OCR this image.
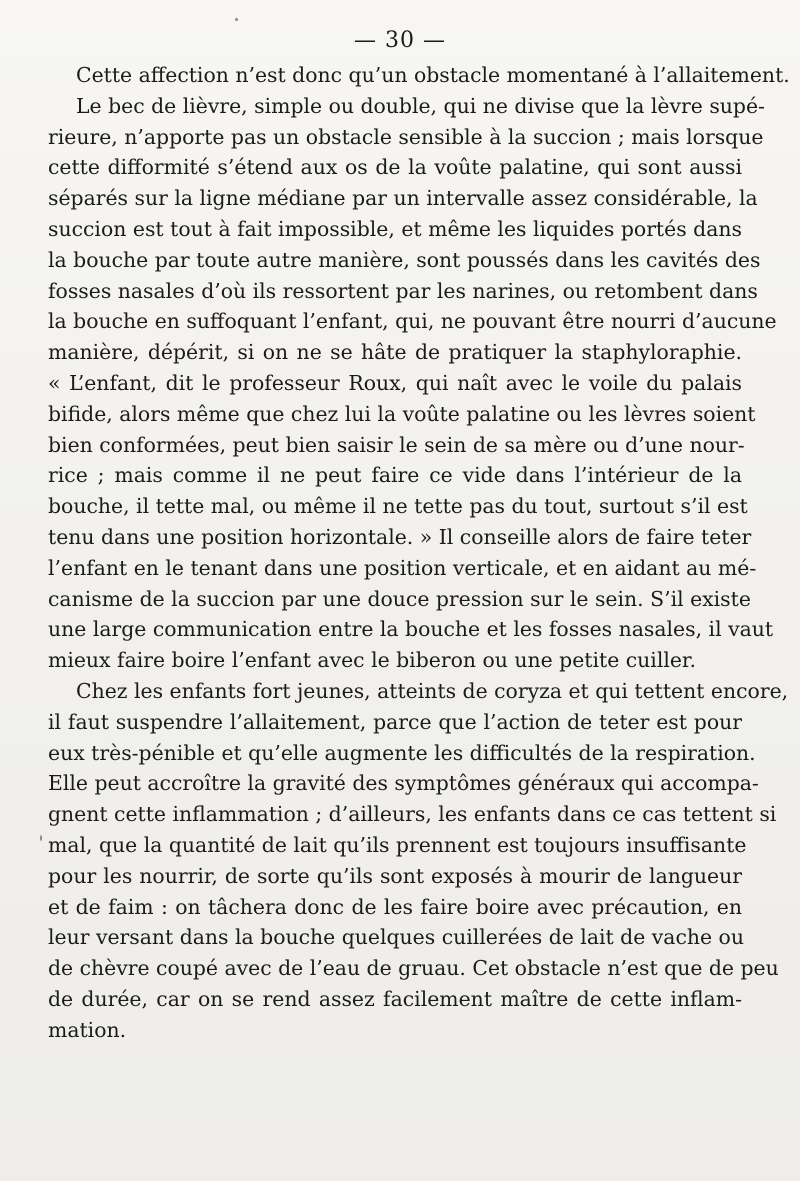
— 30 —
Cette affection n’est donc qu’un obstacle momentané à l’allaitement.
Le bec de lièvre, simple ou double, qui ne divise que la lèvre supé-
rieure, n’apporte pas un obstacle sensible à la succion ; mais lorsque
cette difformité s’étend aux os de la voûte palatine, qui sont aussi
séparés sur la ligne médiane par un intervalle assez considérable, la
succion est tout à fait impossible, et même les liquides portés dans
la bouche par toute autre manière, sont poussés dans les cavités des
fosses nasales d’où ils ressortent par les narines, ou retombent dans
la bouche en suffoquant l’enfant, qui, ne pouvant être nourri d’aucune
manière, dépérit, si on ne se hâte de pratiquer la staphyloraphie.
« L’enfant, dit le professeur Roux, qui naît avec le voile du palais
bifide, alors même que chez lui la voûte palatine ou les lèvres soient
bien conformées, peut bien saisir le sein de sa mère ou d’une nour-
rice ; mais comme il ne peut faire ce vide dans l’intérieur de la
bouche, il tette mal, ou même il ne tette pas du tout, surtout s’il est
tenu dans une position horizontale. » Il conseille alors de faire teter
l’enfant en le tenant dans une position verticale, et en aidant au mé-
canisme de la succion par une douce pression sur le sein. S’il existe
une large communication entre la bouche et les fosses nasales, il vaut
mieux faire boire l’enfant avec le biberon ou une petite cuiller.
Chez les enfants fort jeunes, atteints de coryza et qui tettent encore,
il faut suspendre l’allaitement, parce que l’action de teter est pour
eux très-pénible et qu’elle augmente les difficultés de la respiration.
Elle peut accroître la gravité des symptômes généraux qui accompa-
gnent cette inflammation ; d’ailleurs, les enfants dans ce cas tettent si
mal, que la quantité de lait qu’ils prennent est toujours insuffisante
pour les nourrir, de sorte qu’ils sont exposés à mourir de langueur
et de faim : on tâchera donc de les faire boire avec précaution, en
leur versant dans la bouche quelques cuillerées de lait de vache ou
de chèvre coupé avec de l’eau de gruau. Cet obstacle n’est que de peu
de durée, car on se rend assez facilement maître de cette inflam-
mation.
